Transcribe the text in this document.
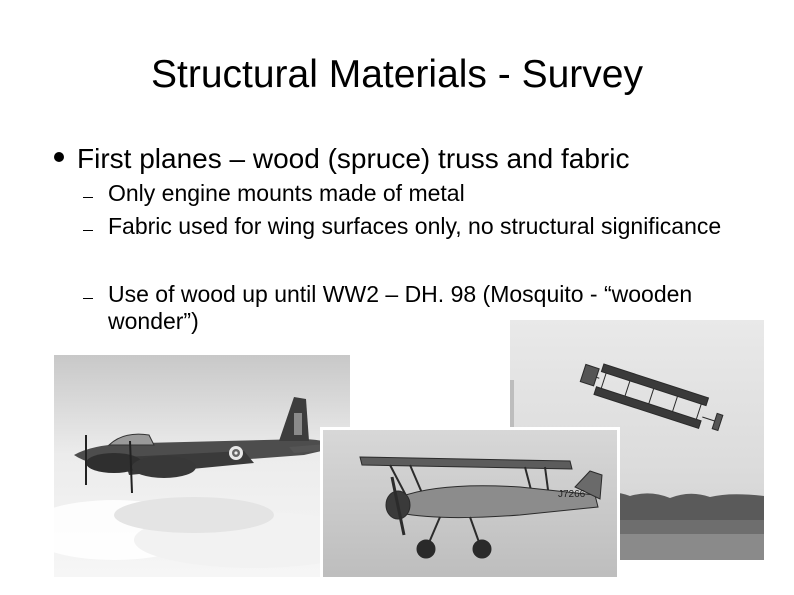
Structural Materials - Survey
First planes – wood (spruce) truss and fabric
Only engine mounts made of metal
Fabric used for wing surfaces only, no structural significance
Use of wood up until WW2 – DH. 98 (Mosquito - “wooden wonder”)
J7266
